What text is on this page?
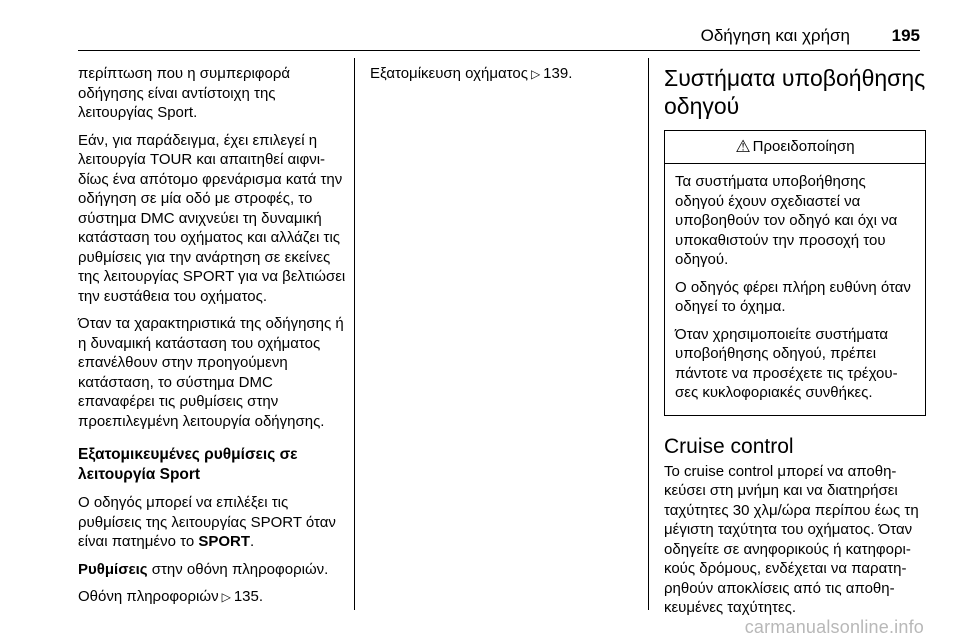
Οδήγηση και χρήση 195

περίπτωση που η συμπεριφορά οδήγησης είναι αντίστοιχη της λειτουργίας Sport.

Εάν, για παράδειγμα, έχει επιλεγεί η λειτουργία TOUR και απαιτηθεί αιφνιδίως ένα απότομο φρενάρισμα κατά την οδήγηση σε μία οδό με στροφές, το σύστημα DMC ανιχνεύει τη δυναμική κατάσταση του οχήματος και αλλάζει τις ρυθμίσεις για την ανάρτηση σε εκείνες της λειτουργίας SPORT για να βελτιώσει την ευστάθεια του οχήματος.

Όταν τα χαρακτηριστικά της οδήγησης ή η δυναμική κατάσταση του οχήματος επανέλθουν στην προηγούμενη κατάσταση, το σύστημα DMC επαναφέρει τις ρυθμίσεις στην προεπιλεγμένη λειτουργία οδήγησης.

Εξατομικευμένες ρυθμίσεις σε λειτουργία Sport

Ο οδηγός μπορεί να επιλέξει τις ρυθμίσεις της λειτουργίας SPORT όταν είναι πατημένο το SPORT.

Ρυθμίσεις στην οθόνη πληροφοριών.

Οθόνη πληροφοριών ▷ 135.

Εξατομίκευση οχήματος ▷ 139.	Συστήματα υποβοήθησης οδηγού
⚠ Προειδοποίηση

Τα συστήματα υποβοήθησης οδηγού έχουν σχεδιαστεί να υποβοηθούν τον οδηγό και όχι να υποκαθιστούν την προσοχή του οδηγού.

Ο οδηγός φέρει πλήρη ευθύνη όταν οδηγεί το όχημα.

Όταν χρησιμοποιείτε συστήματα υποβοήθησης οδηγού, πρέπει πάντοτε να προσέχετε τις τρέχουσες κυκλοφοριακές συνθήκες.

Cruise control

Το cruise control μπορεί να αποθηκεύσει στη μνήμη και να διατηρήσει ταχύτητες 30 χλμ/ώρα περίπου έως τη μέγιστη ταχύτητα του οχήματος. Όταν οδηγείτε σε ανηφορικούς ή κατηφορικούς δρόμους, ενδέχεται να παρατηρηθούν αποκλίσεις από τις αποθηκευμένες ταχύτητες.

carmanualsonline.info
